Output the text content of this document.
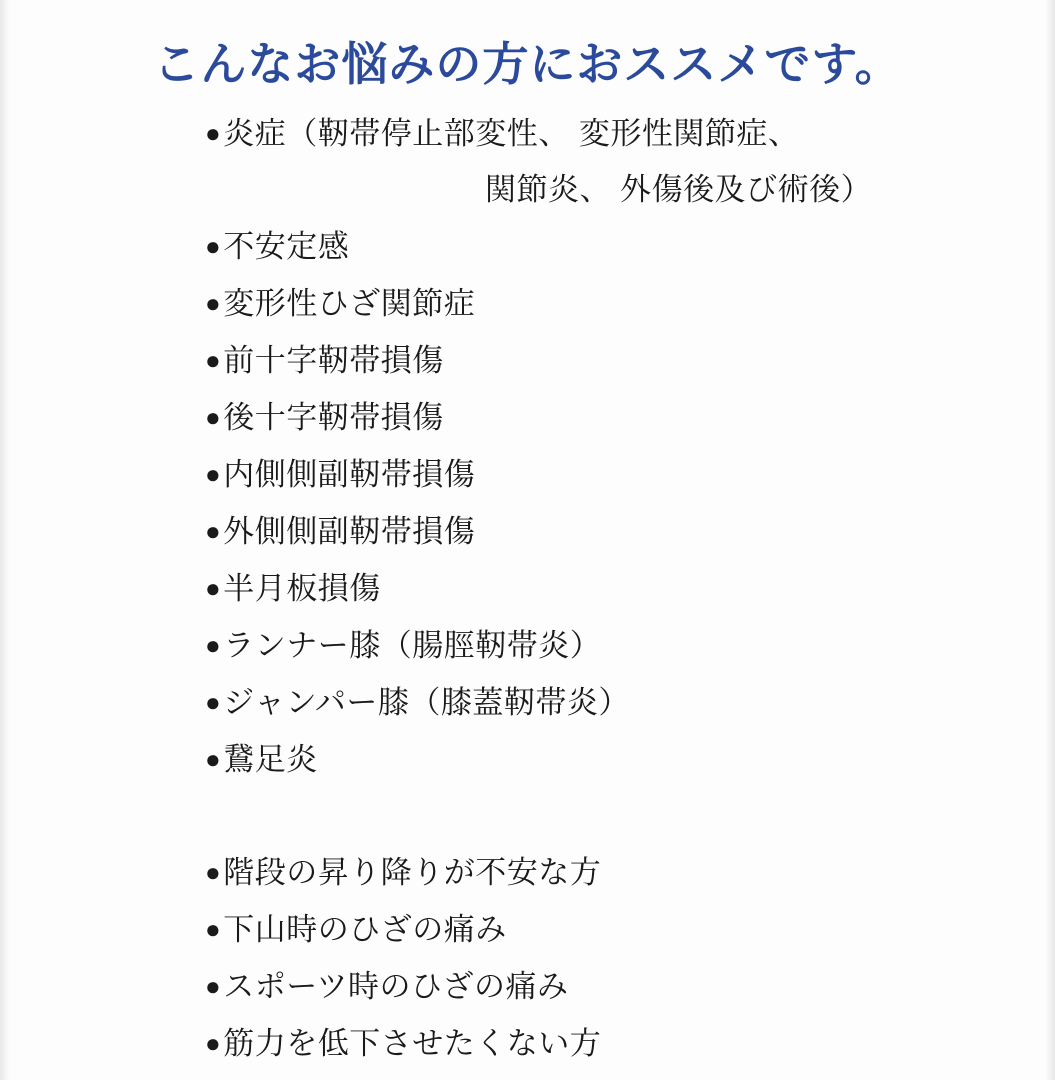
こんなお悩みの方におススメです。
●炎症（靭帯停止部変性、 変形性関節症、
関節炎、 外傷後及び術後）
●不安定感
●変形性ひざ関節症
●前十字靭帯損傷
●後十字靭帯損傷
●内側側副靭帯損傷
●外側側副靭帯損傷
●半月板損傷
●ランナー膝（腸脛靭帯炎）
●ジャンパー膝（膝蓋靭帯炎）
●鵞足炎
●階段の昇り降りが不安な方
●下山時のひざの痛み
●スポーツ時のひざの痛み
●筋力を低下させたくない方
